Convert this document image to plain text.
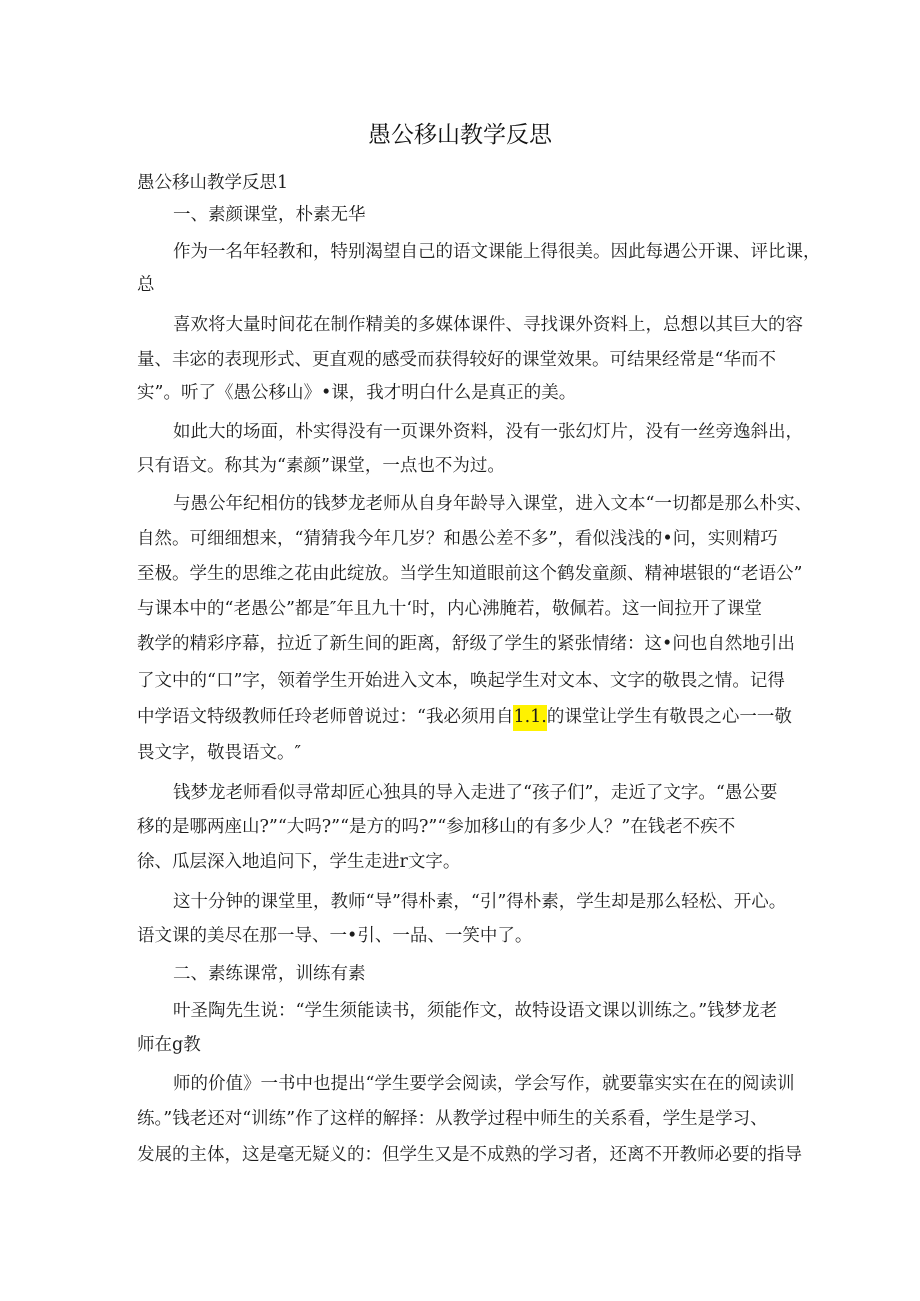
愚公移山教学反思
愚公移山教学反思1
一、素颜课堂，朴素无华
作为一名年轻教和，特别渴望自己的语文课能上得很美。因此每遇公开课、评比课，
总
喜欢将大量时间花在制作精美的多媒体课件、寻找课外资料上，总想以其巨大的容
量、丰宓的表现形式、更直观的感受而获得较好的课堂效果。可结果经常是“华而不
实”。听了《愚公移山》•课，我才明白什么是真正的美。
如此大的场面，朴实得没有一页课外资料，没有一张幻灯片，没有一丝旁逸斜出，
只有语文。称其为“素颜”课堂，一点也不为过。
与愚公年纪相仿的钱梦龙老师从自身年龄导入课堂，进入文本“一切都是那么朴实、
自然。可细细想来，“猜猜我今年几岁？和愚公差不多”，看似浅浅的•问，实则精巧
至极。学生的思维之花由此绽放。当学生知道眼前这个鹤发童颜、精神堪银的“老语公”
与课本中的“老愚公”都是″年且九十‘时，内心沸腌若，敬佩若。这一间拉开了课堂
教学的精彩序幕，拉近了新生间的距离，舒级了学生的紧张情绪：这•问也自然地引出
了文中的“口”字，领着学生开始进入文本，唤起学生对文本、文字的敬畏之情。记得
中学语文特级教师任玲老师曾说过：“我必须用自1.1.的课堂让学生有敬畏之心一一敬
畏文字，敬畏语文。″
钱梦龙老师看似寻常却匠心独具的导入走进了“孩子们”，走近了文字。“愚公要
移的是哪两座山?”“大吗?”“是方的吗?”“参加移山的有多少人？”在钱老不疾不
徐、瓜层深入地追问下，学生走进r文字。
这十分钟的课堂里，教师“导”得朴素，“引”得朴素，学生却是那么轻松、开心。
语文课的美尽在那一导、一•引、一品、一笑中了。
二、素练课常，训练有素
叶圣陶先生说：“学生须能读书，须能作文，故特设语文课以训练之。”钱梦龙老
师在g教
师的价值》一书中也提出“学生要学会阅读，学会写作，就要靠实实在在的阅读训
练。”钱老还对“训练”作了这样的解择：从教学过程中师生的关系看，学生是学习、
发展的主体，这是毫无疑义的：但学生又是不成熟的学习者，还离不开教师必要的指导
